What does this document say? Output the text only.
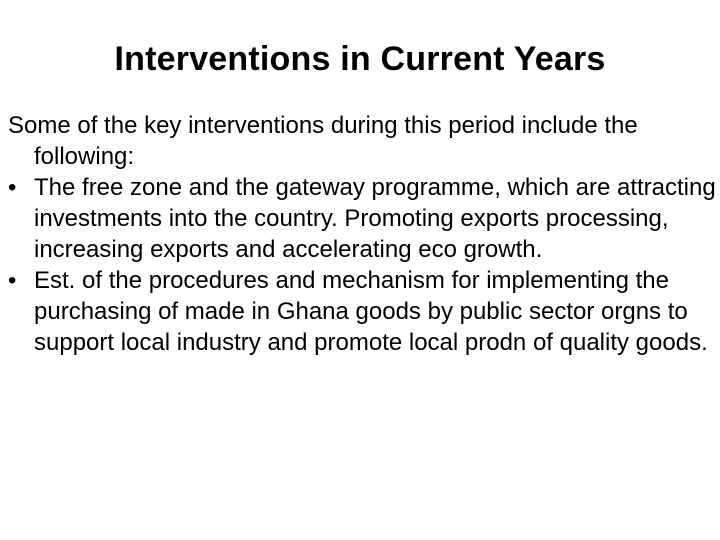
Interventions in Current Years

Some of the key interventions during this period include the following:

• The free zone and the gateway programme, which are attracting investments into the country. Promoting exports processing, increasing exports and accelerating eco growth.
• Est. of the procedures and mechanism for implementing the purchasing of made in Ghana goods by public sector orgns to support local industry and promote local prodn of quality goods.
